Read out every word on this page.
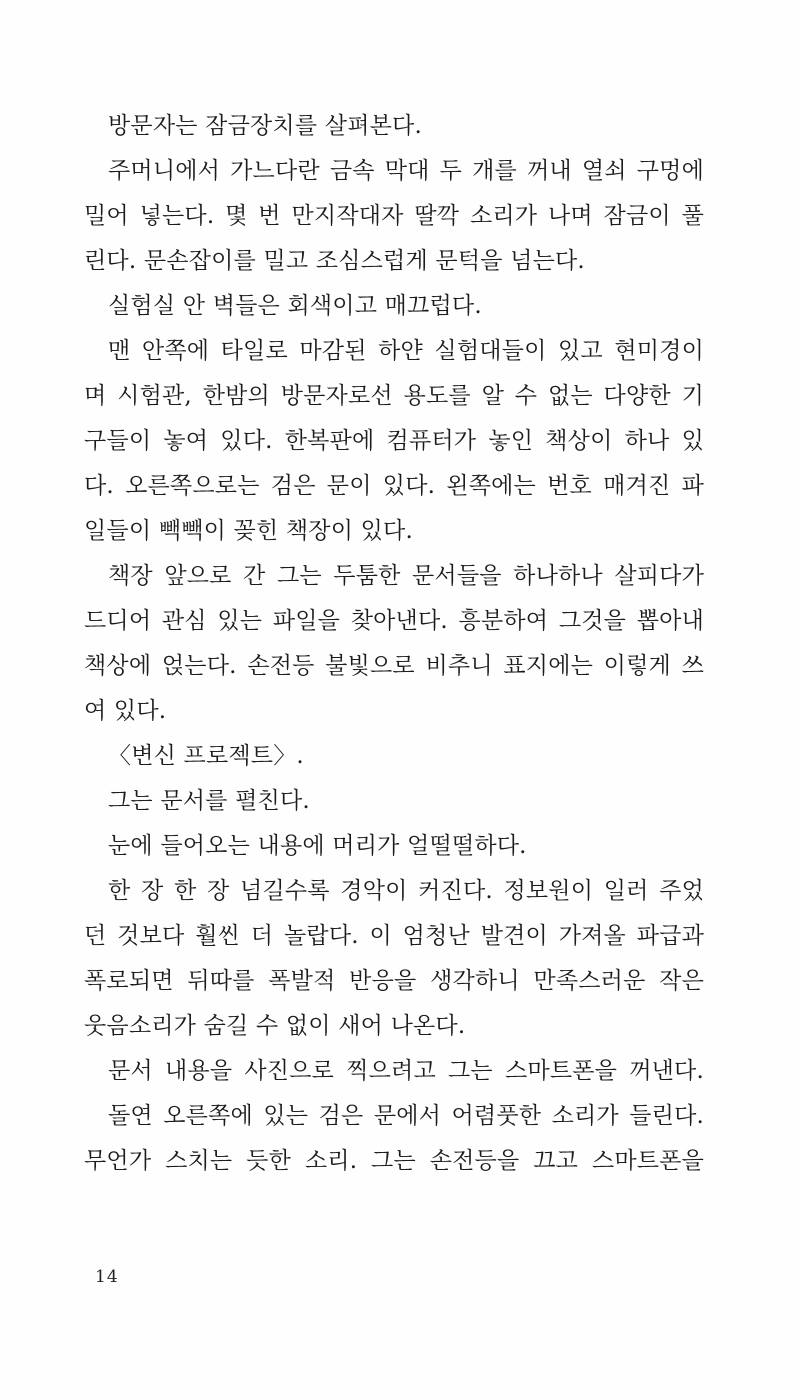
방문자는 잠금장치를 살펴본다.
주머니에서 가느다란 금속 막대 두 개를 꺼내 열쇠 구멍에
밀어 넣는다. 몇 번 만지작대자 딸깍 소리가 나며 잠금이 풀
린다. 문손잡이를 밀고 조심스럽게 문턱을 넘는다.
실험실 안 벽들은 회색이고 매끄럽다.
맨 안쪽에 타일로 마감된 하얀 실험대들이 있고 현미경이
며 시험관, 한밤의 방문자로선 용도를 알 수 없는 다양한 기
구들이 놓여 있다. 한복판에 컴퓨터가 놓인 책상이 하나 있
다. 오른쪽으로는 검은 문이 있다. 왼쪽에는 번호 매겨진 파
일들이 빽빽이 꽂힌 책장이 있다.
책장 앞으로 간 그는 두툼한 문서들을 하나하나 살피다가
드디어 관심 있는 파일을 찾아낸다. 흥분하여 그것을 뽑아내
책상에 얹는다. 손전등 불빛으로 비추니 표지에는 이렇게 쓰
여 있다.
〈변신 프로젝트〉.
그는 문서를 펼친다.
눈에 들어오는 내용에 머리가 얼떨떨하다.
한 장 한 장 넘길수록 경악이 커진다. 정보원이 일러 주었
던 것보다 훨씬 더 놀랍다. 이 엄청난 발견이 가져올 파급과
폭로되면 뒤따를 폭발적 반응을 생각하니 만족스러운 작은
웃음소리가 숨길 수 없이 새어 나온다.
문서 내용을 사진으로 찍으려고 그는 스마트폰을 꺼낸다.
돌연 오른쪽에 있는 검은 문에서 어렴풋한 소리가 들린다.
무언가 스치는 듯한 소리. 그는 손전등을 끄고 스마트폰을
14
